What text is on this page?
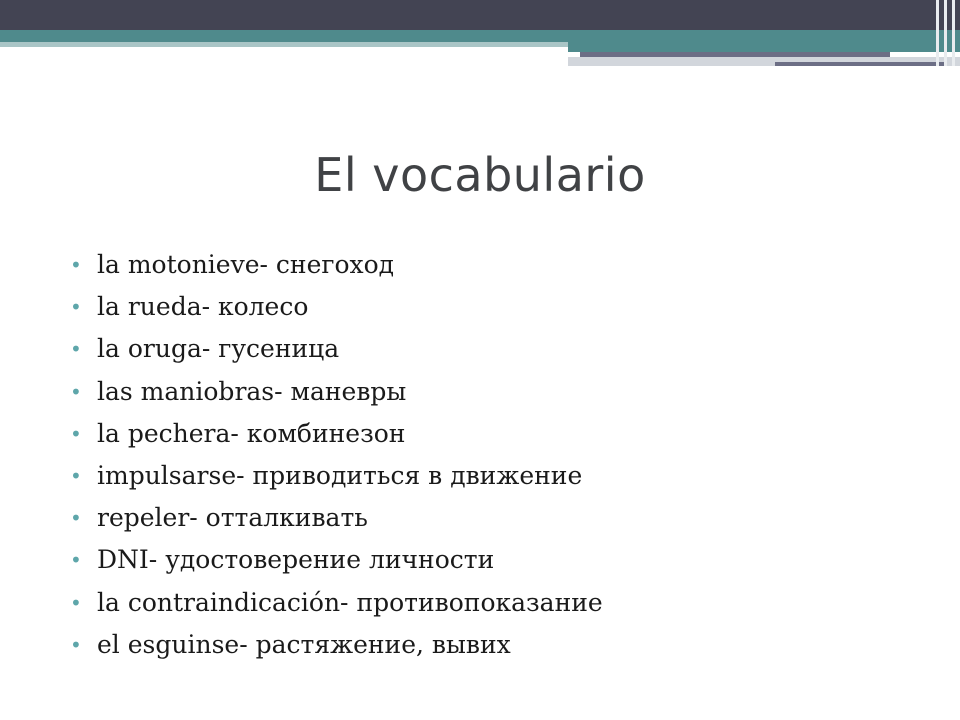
El vocabulario
• la motonieve- снегоход
• la rueda- колесо
• la oruga- гусеница
• las maniobras- маневры
• la pechera- комбинезон
• impulsarse- приводиться в движение
• repeler- отталкивать
• DNI- удостоверение личности
• la contraindicación- противопоказание
• el esguinse- растяжение, вывих
